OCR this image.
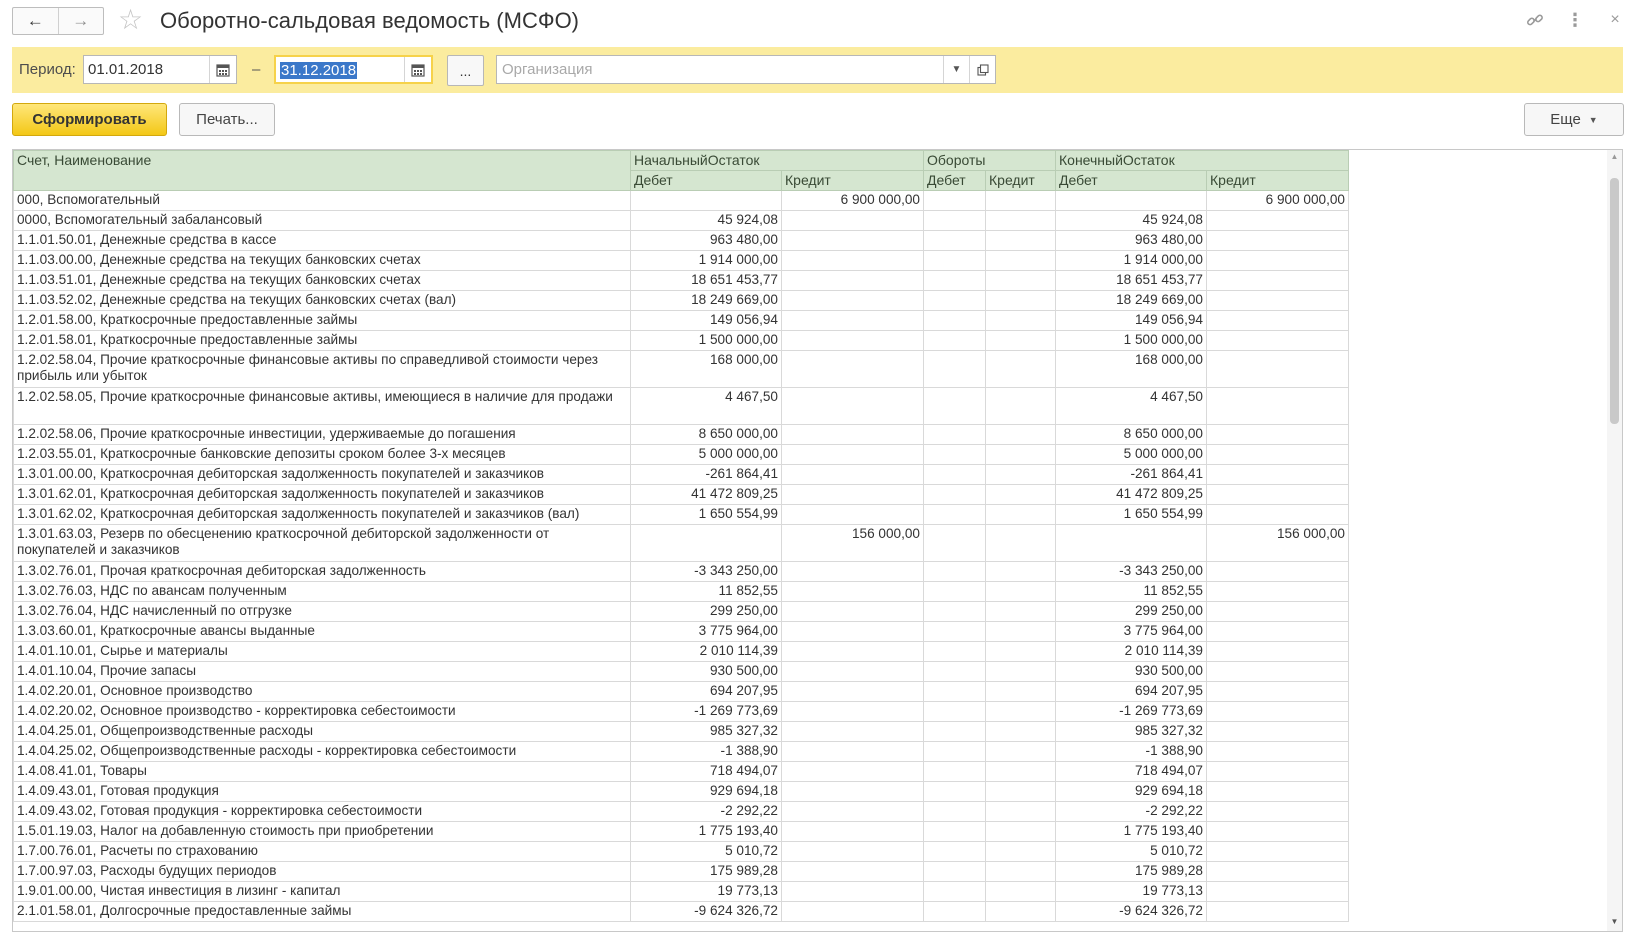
← → ☆ Оборотно-сальдовая ведомость (МСФО)	⋮	×
Период: 01.01.2018	–	31.12.2018	...
Организация	▼
Сформировать	Печать...	Еще ▼
Счет, Наименование	НачальныйОстаток		Обороты		КонечныйОстаток	
	Дебет	Кредит	Дебет	Кредит	Дебет	Кредит
000, Вспомогательный		6 900 000,00				6 900 000,00
0000, Вспомогательный забалансовый	45 924,08				45 924,08	
1.1.01.50.01, Денежные средства в кассе	963 480,00				963 480,00	
1.1.03.00.00, Денежные средства на текущих банковских счетах	1 914 000,00				1 914 000,00	
1.1.03.51.01, Денежные средства на текущих банковских счетах	18 651 453,77				18 651 453,77	
1.1.03.52.02, Денежные средства на текущих банковских счетах (вал)	18 249 669,00				18 249 669,00	
1.2.01.58.00, Краткосрочные предоставленные займы	149 056,94				149 056,94	
1.2.01.58.01, Краткосрочные предоставленные займы	1 500 000,00				1 500 000,00	
1.2.02.58.04, Прочие краткосрочные финансовые активы по справедливой стоимости через прибыль или убыток	168 000,00				168 000,00	
1.2.02.58.05, Прочие краткосрочные финансовые активы, имеющиеся в наличие для продажи	4 467,50				4 467,50	
1.2.02.58.06, Прочие краткосрочные инвестиции, удерживаемые до погашения	8 650 000,00				8 650 000,00	
1.2.03.55.01, Краткосрочные банковские депозиты сроком более 3-х месяцев	5 000 000,00				5 000 000,00	
1.3.01.00.00, Краткосрочная дебиторская задолженность покупателей и заказчиков	-261 864,41				-261 864,41	
1.3.01.62.01, Краткосрочная дебиторская задолженность покупателей и заказчиков	41 472 809,25				41 472 809,25	
1.3.01.62.02, Краткосрочная дебиторская задолженность покупателей и заказчиков (вал)	1 650 554,99				1 650 554,99	
1.3.01.63.03, Резерв по обесценению краткосрочной дебиторской задолженности от покупателей и заказчиков		156 000,00				156 000,00
1.3.02.76.01, Прочая краткосрочная дебиторская задолженность	-3 343 250,00				-3 343 250,00	
1.3.02.76.03, НДС по авансам полученным	11 852,55				11 852,55	
1.3.02.76.04, НДС начисленный по отгрузке	299 250,00				299 250,00	
1.3.03.60.01, Краткосрочные авансы выданные	3 775 964,00				3 775 964,00	
1.4.01.10.01, Сырье и материалы	2 010 114,39				2 010 114,39	
1.4.01.10.04, Прочие запасы	930 500,00				930 500,00	
1.4.02.20.01, Основное производство	694 207,95				694 207,95	
1.4.02.20.02, Основное производство - корректировка себестоимости	-1 269 773,69				-1 269 773,69	
1.4.04.25.01, Общепроизводственные расходы	985 327,32				985 327,32	
1.4.04.25.02, Общепроизводственные расходы - корректировка себестоимости	-1 388,90				-1 388,90	
1.4.08.41.01, Товары	718 494,07				718 494,07	
1.4.09.43.01, Готовая продукция	929 694,18				929 694,18	
1.4.09.43.02, Готовая продукция - корректировка себестоимости	-2 292,22				-2 292,22	
1.5.01.19.03, Налог на добавленную стоимость при приобретении	1 775 193,40				1 775 193,40	
1.7.00.76.01, Расчеты по страхованию	5 010,72				5 010,72	
1.7.00.97.03, Расходы будущих периодов	175 989,28				175 989,28	
1.9.01.00.00, Чистая инвестиция в лизинг - капитал	19 773,13				19 773,13	
2.1.01.58.01, Долгосрочные предоставленные займы	-9 624 326,72				-9 624 326,72	
▲
▼
